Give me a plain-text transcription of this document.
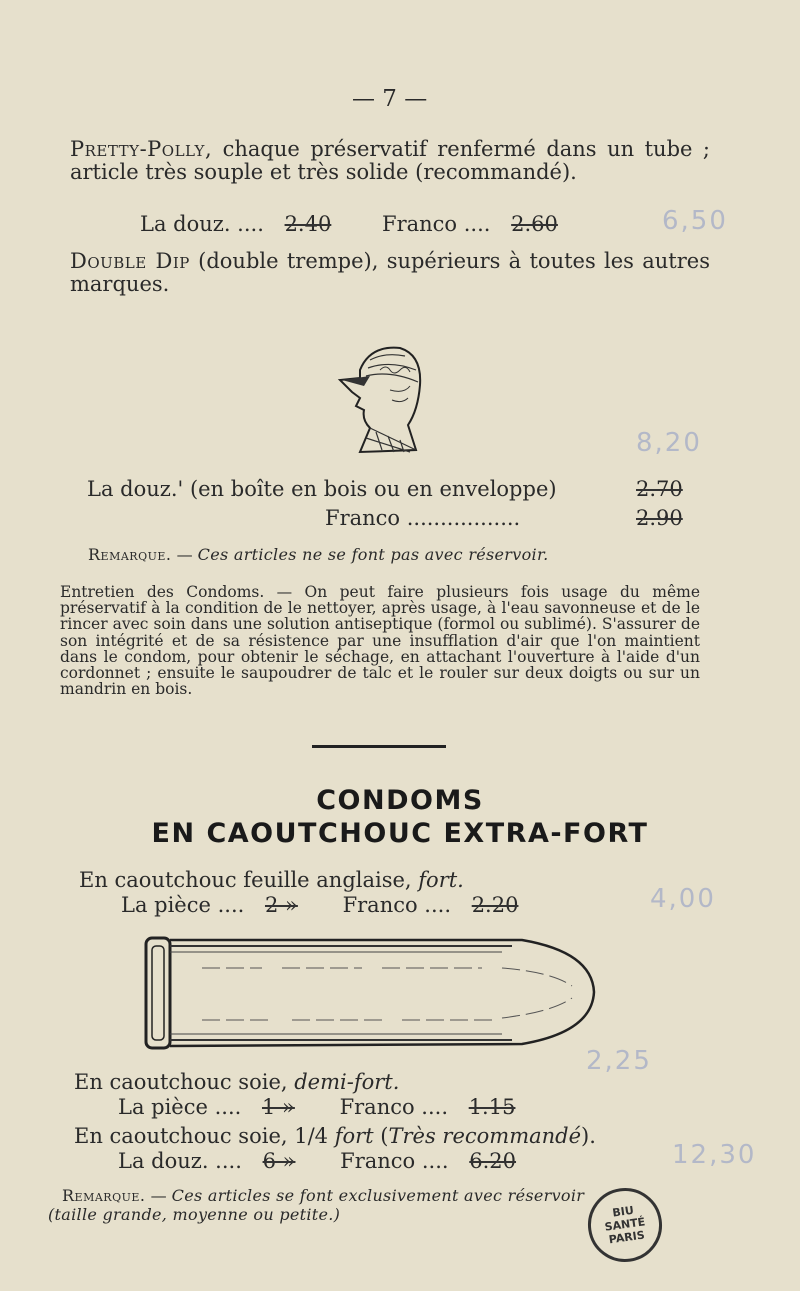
— 7 —
Pretty-Polly, chaque préservatif renfermé dans un tube ; article très souple et très solide (recommandé).
La douz. .... 2.40 Franco .... 2.60	6,50
Double Dip (double trempe), supérieurs à toutes les autres marques.
8,20
La douz.' (en boîte en bois ou en enveloppe)	2.70
Franco .................	2.90
Remarque. — Ces articles ne se font pas avec réservoir.
Entretien des Condoms. — On peut faire plusieurs fois usage du même préservatif à la condition de le nettoyer, après usage, à l'eau savonneuse et de le rincer avec soin dans une solution antiseptique (formol ou sublimé). S'assurer de son intégrité et de sa résistence par une insufflation d'air que l'on maintient dans le condom, pour obtenir le séchage, en attachant l'ouverture à l'aide d'un cordonnet ; ensuite le saupoudrer de talc et le rouler sur deux doigts ou sur un mandrin en bois.
CONDOMS
EN CAOUTCHOUC EXTRA-FORT
En caoutchouc feuille anglaise, fort.
La pièce .... 2 » Franco .... 2.20	4,00
2,25
En caoutchouc soie, demi-fort.
La pièce .... 1 » Franco .... 1.15
En caoutchouc soie, 1/4 fort (Très recommandé).
La douz. .... 6 » Franco .... 6.20	12,30
Remarque. — Ces articles se font exclusivement avec réservoir
(taille grande, moyenne ou petite.)	BIU
SANTÉ
PARIS
